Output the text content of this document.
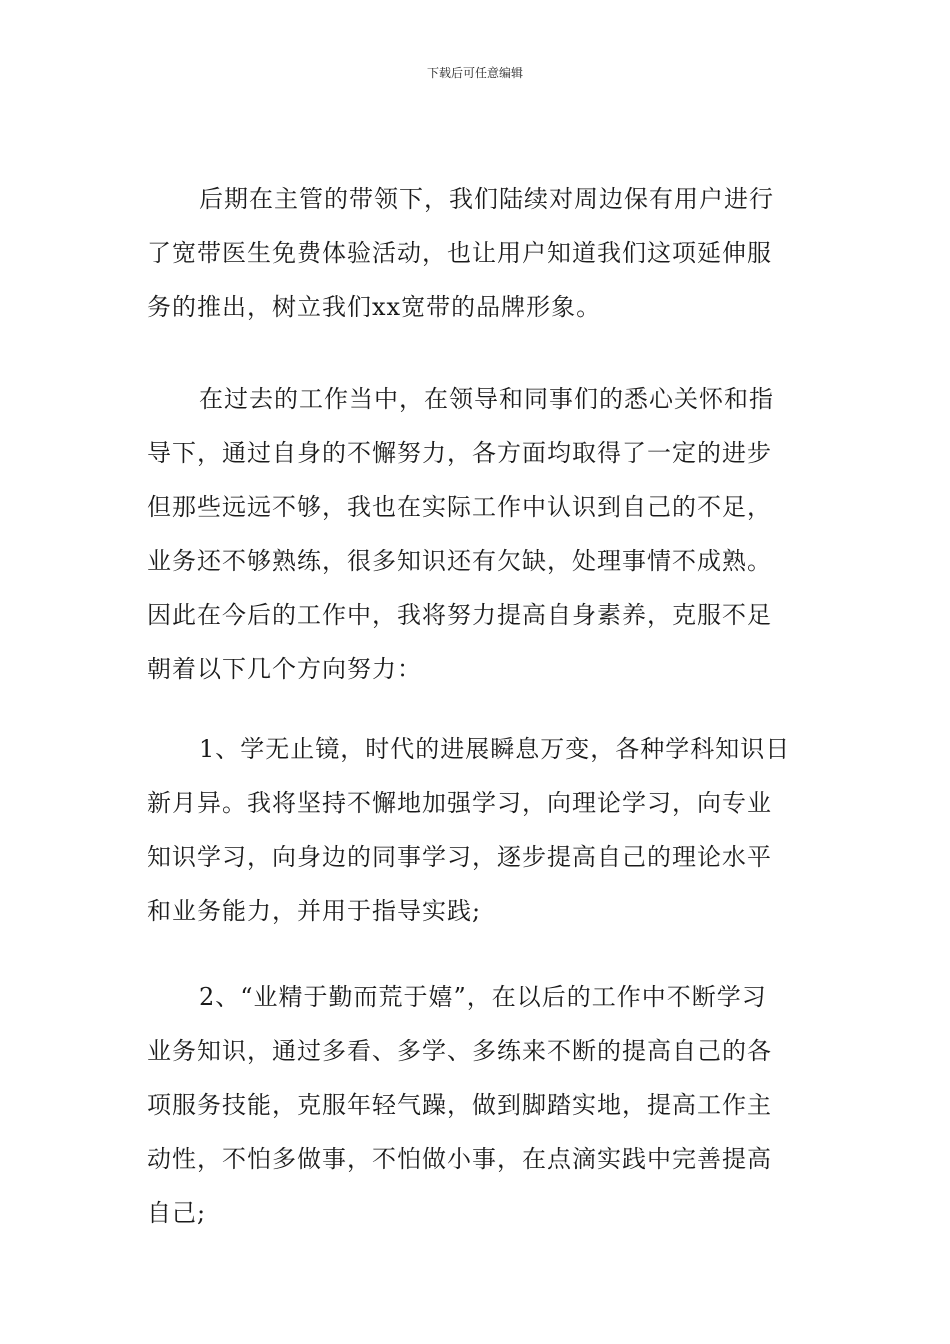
下载后可任意编辑
后期在主管的带领下，我们陆续对周边保有用户进行
了宽带医生免费体验活动，也让用户知道我们这项延伸服
务的推出，树立我们xx宽带的品牌形象。
在过去的工作当中，在领导和同事们的悉心关怀和指
导下，通过自身的不懈努力，各方面均取得了一定的进步
但那些远远不够，我也在实际工作中认识到自己的不足，
业务还不够熟练，很多知识还有欠缺，处理事情不成熟。
因此在今后的工作中，我将努力提高自身素养，克服不足
朝着以下几个方向努力：
1、学无止镜，时代的进展瞬息万变，各种学科知识日
新月异。我将坚持不懈地加强学习，向理论学习，向专业
知识学习，向身边的同事学习，逐步提高自己的理论水平
和业务能力，并用于指导实践;
2、“业精于勤而荒于嬉”，在以后的工作中不断学习
业务知识，通过多看、多学、多练来不断的提高自己的各
项服务技能，克服年轻气躁，做到脚踏实地，提高工作主
动性，不怕多做事，不怕做小事，在点滴实践中完善提高
自己;
